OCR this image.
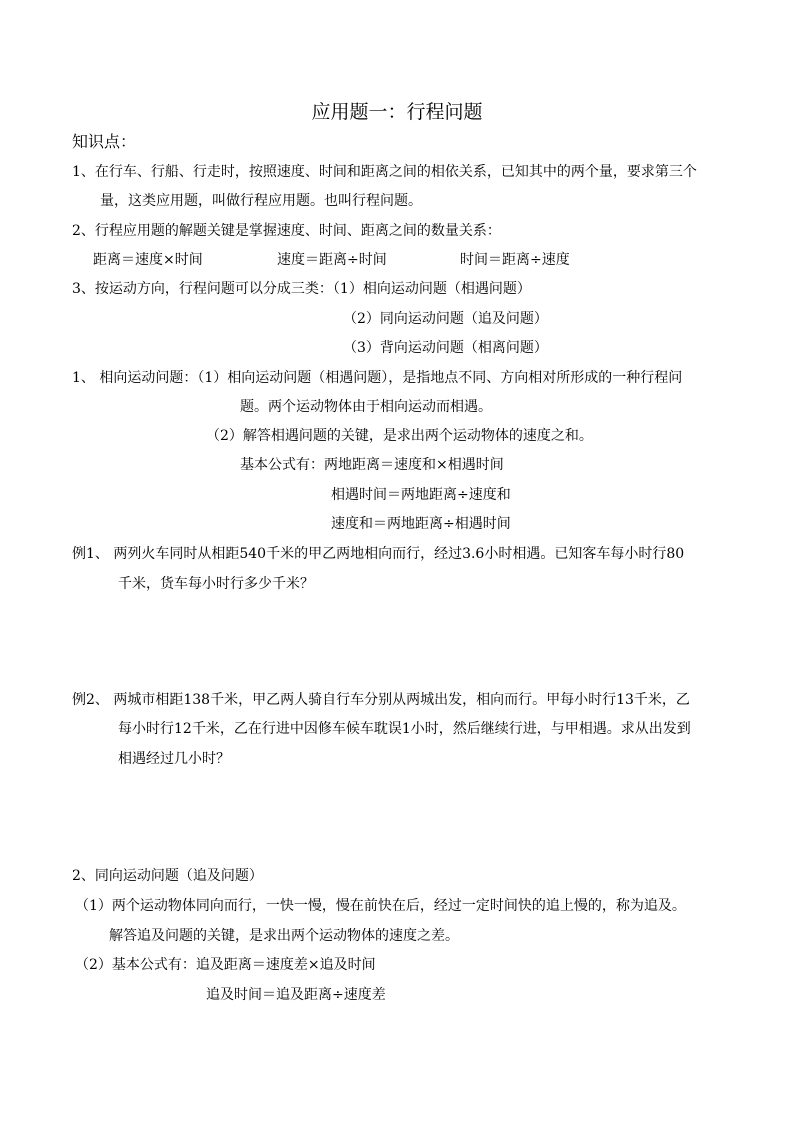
应用题一：行程问题
知识点：
1、在行车、行船、行走时，按照速度、时间和距离之间的相依关系，已知其中的两个量，要求第三个
量，这类应用题，叫做行程应用题。也叫行程问题。
2、行程应用题的解题关键是掌握速度、时间、距离之间的数量关系：
距离＝速度×时间	速度＝距离÷时间	时间＝距离÷速度
3、按运动方向，行程问题可以分成三类：（1）相向运动问题（相遇问题）
（2）同向运动问题（追及问题）
（3）背向运动问题（相离问题）
1、 相向运动问题：（1）相向运动问题（相遇问题），是指地点不同、方向相对所形成的一种行程问
题。两个运动物体由于相向运动而相遇。
（2）解答相遇问题的关键，是求出两个运动物体的速度之和。
基本公式有：两地距离＝速度和×相遇时间
相遇时间＝两地距离÷速度和
速度和＝两地距离÷相遇时间
例1、 两列火车同时从相距540千米的甲乙两地相向而行，经过3.6小时相遇。已知客车每小时行80
千米，货车每小时行多少千米？
例2、 两城市相距138千米，甲乙两人骑自行车分别从两城出发，相向而行。甲每小时行13千米，乙
每小时行12千米，乙在行进中因修车候车耽误1小时，然后继续行进，与甲相遇。求从出发到
相遇经过几小时？
2、同向运动问题（追及问题）
（1）两个运动物体同向而行，一快一慢，慢在前快在后，经过一定时间快的追上慢的，称为追及。
解答追及问题的关键，是求出两个运动物体的速度之差。
（2）基本公式有：追及距离＝速度差×追及时间
追及时间＝追及距离÷速度差
